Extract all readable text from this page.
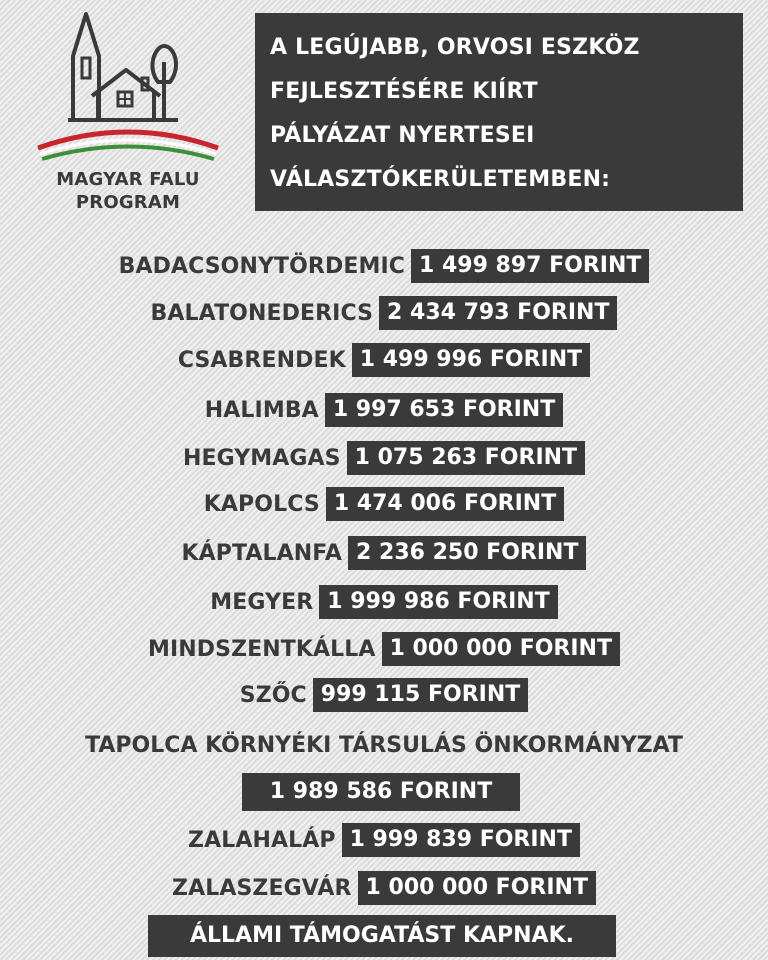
MAGYAR FALU
PROGRAM
A LEGÚJABB, ORVOSI ESZKÖZ
FEJLESZTÉSÉRE KIÍRT
PÁLYÁZAT NYERTESEI
VÁLASZTÓKERÜLETEMBEN:
BADACSONYTÖRDEMIC 1 499 897 FORINT
BALATONEDERICS 2 434 793 FORINT
CSABRENDEK 1 499 996 FORINT
HALIMBA 1 997 653 FORINT
HEGYMAGAS 1 075 263 FORINT
KAPOLCS 1 474 006 FORINT
KÁPTALANFA 2 236 250 FORINT
MEGYER 1 999 986 FORINT
MINDSZENTKÁLLA 1 000 000 FORINT
SZŐC 999 115 FORINT
TAPOLCA KÖRNYÉKI TÁRSULÁS ÖNKORMÁNYZAT
1 989 586 FORINT
ZALAHALÁP 1 999 839 FORINT
ZALASZEGVÁR 1 000 000 FORINT
ÁLLAMI TÁMOGATÁST KAPNAK.
